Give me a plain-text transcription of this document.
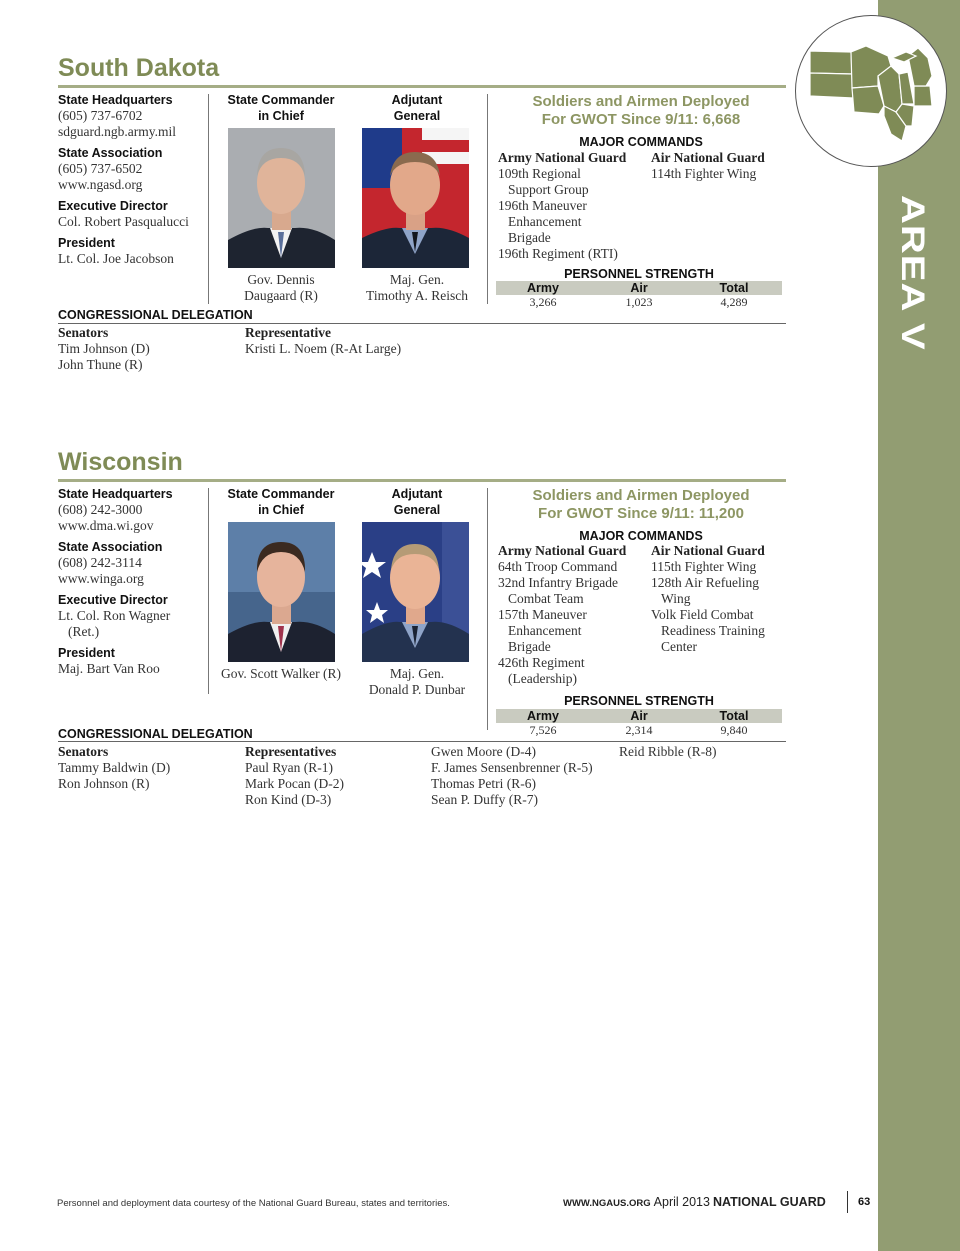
AREA V
South Dakota
State Headquarters
(605) 737-6702
sdguard.ngb.army.mil
State Association
(605) 737-6502
www.ngasd.org
Executive Director
Col. Robert Pasqualucci
President
Lt. Col. Joe Jacobson
State Commander
in Chief
Gov. Dennis
Daugaard (R)
Adjutant
General
Maj. Gen.
Timothy A. Reisch
Soldiers and Airmen Deployed
For GWOT Since 9/11: 6,668
MAJOR COMMANDS
Army National Guard
109th Regional
Support Group
196th Maneuver
Enhancement
Brigade
196th Regiment (RTI)
Air National Guard
114th Fighter Wing
PERSONNEL STRENGTH
Army	Air	Total
3,266	1,023	4,289
CONGRESSIONAL DELEGATION
Senators
Tim Johnson (D)
John Thune (R)
Representative
Kristi L. Noem (R-At Large)
Wisconsin
State Headquarters
(608) 242-3000
www.dma.wi.gov
State Association
(608) 242-3114
www.winga.org
Executive Director
Lt. Col. Ron Wagner
(Ret.)
President
Maj. Bart Van Roo
State Commander
in Chief
Gov. Scott Walker (R)
Adjutant
General
Maj. Gen.
Donald P. Dunbar
Soldiers and Airmen Deployed
For GWOT Since 9/11: 11,200
MAJOR COMMANDS
Army National Guard
64th Troop Command
32nd Infantry Brigade
Combat Team
157th Maneuver
Enhancement
Brigade
426th Regiment
(Leadership)
Air National Guard
115th Fighter Wing
128th Air Refueling
Wing
Volk Field Combat
Readiness Training
Center
PERSONNEL STRENGTH
Army	Air	Total
7,526	2,314	9,840
CONGRESSIONAL DELEGATION
Senators
Tammy Baldwin (D)
Ron Johnson (R)
Representatives
Paul Ryan (R-1)
Mark Pocan (D-2)
Ron Kind (D-3)
Gwen Moore (D-4)
F. James Sensenbrenner (R-5)
Thomas Petri (R-6)
Sean P. Duffy (R-7)
Reid Ribble (R-8)
Personnel and deployment data courtesy of the National Guard Bureau, states and territories.	WWW.NGAUS.ORG April 2013 NATIONAL GUARD	63
